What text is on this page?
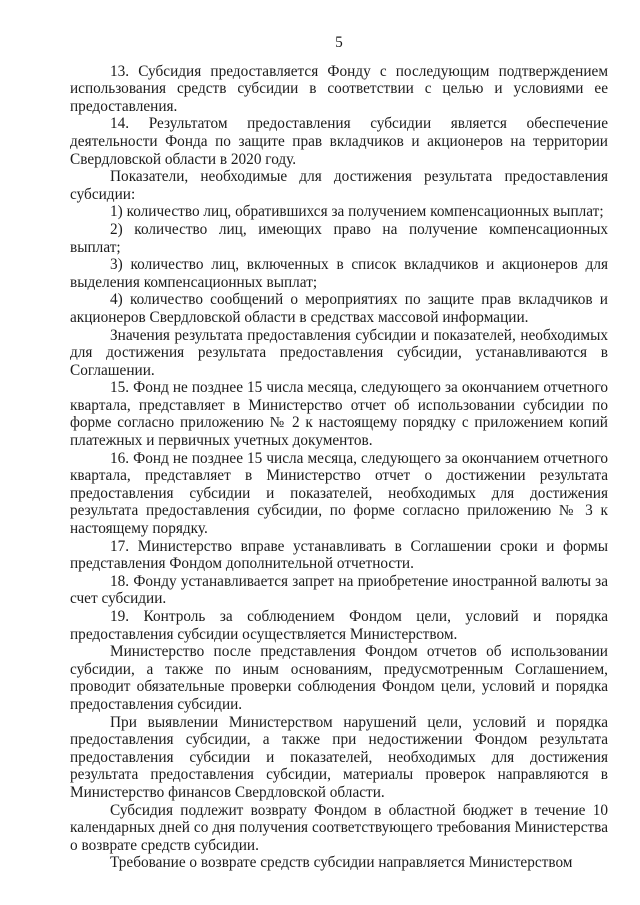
5

13. Субсидия предоставляется Фонду с последующим подтверждением использования средств субсидии в соответствии с целью и условиями ее предоставления.

14. Результатом предоставления субсидии является обеспечение деятельности Фонда по защите прав вкладчиков и акционеров на территории Свердловской области в 2020 году.

Показатели, необходимые для достижения результата предоставления субсидии:

1) количество лиц, обратившихся за получением компенсационных выплат;

2) количество лиц, имеющих право на получение компенсационных выплат;

3) количество лиц, включенных в список вкладчиков и акционеров для выделения компенсационных выплат;

4) количество сообщений о мероприятиях по защите прав вкладчиков и акционеров Свердловской области в средствах массовой информации.

Значения результата предоставления субсидии и показателей, необходимых для достижения результата предоставления субсидии, устанавливаются в Соглашении.

15. Фонд не позднее 15 числа месяца, следующего за окончанием отчетного квартала, представляет в Министерство отчет об использовании субсидии по форме согласно приложению № 2 к настоящему порядку с приложением копий платежных и первичных учетных документов.

16. Фонд не позднее 15 числа месяца, следующего за окончанием отчетного квартала, представляет в Министерство отчет о достижении результата предоставления субсидии и показателей, необходимых для достижения результата предоставления субсидии, по форме согласно приложению № 3 к настоящему порядку.

17. Министерство вправе устанавливать в Соглашении сроки и формы представления Фондом дополнительной отчетности.

18. Фонду устанавливается запрет на приобретение иностранной валюты за счет субсидии.

19. Контроль за соблюдением Фондом цели, условий и порядка предоставления субсидии осуществляется Министерством.

Министерство после представления Фондом отчетов об использовании субсидии, а также по иным основаниям, предусмотренным Соглашением, проводит обязательные проверки соблюдения Фондом цели, условий и порядка предоставления субсидии.

При выявлении Министерством нарушений цели, условий и порядка предоставления субсидии, а также при недостижении Фондом результата предоставления субсидии и показателей, необходимых для достижения результата предоставления субсидии, материалы проверок направляются в Министерство финансов Свердловской области.

Субсидия подлежит возврату Фондом в областной бюджет в течение 10 календарных дней со дня получения соответствующего требования Министерства о возврате средств субсидии.

Требование о возврате средств субсидии направляется Министерством
